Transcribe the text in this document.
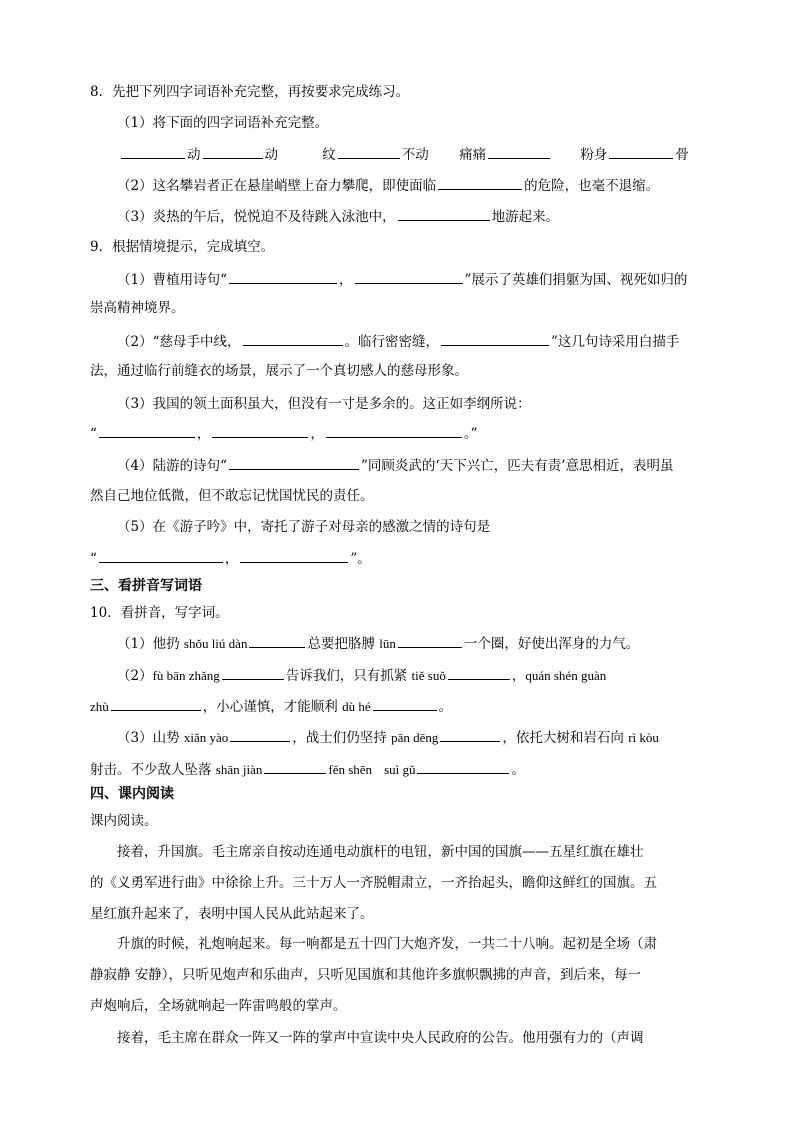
8．先把下列四字词语补充完整，再按要求完成练习。
（1）将下面的四字词语补充完整。
动	动	纹	不动 痛痛	粉身	骨
（2）这名攀岩者正在悬崖峭壁上奋力攀爬，即使面临	的危险，也毫不退缩。
（3）炎热的午后，悦悦迫不及待跳入泳池中，	地游起来。
9．根据情境提示，完成填空。
（1）曹植用诗句“	，	”展示了英雄们捐躯为国、视死如归的
崇高精神境界。
（2）“慈母手中线，	。临行密密缝，	”这几句诗采用白描手
法，通过临行前缝衣的场景，展示了一个真切感人的慈母形象。
（3）我国的领土面积虽大，但没有一寸是多余的。这正如李纲所说：
“	，	，	。”
（4）陆游的诗句“	”同顾炎武的‘天下兴亡，匹夫有责’意思相近，表明虽
然自己地位低微，但不敢忘记忧国忧民的责任。
（5）在《游子吟》中，寄托了游子对母亲的感激之情的诗句是
“	，	”。
三、看拼音写词语
10．看拼音，写字词。
（1）他扔 shǒu liú dàn	总要把胳膊 lūn	一个圈，好使出浑身的力气。
（2）fù bān zhǎng	告诉我们，只有抓紧 tiě suǒ	，quán shén guàn
zhù	，小心谨慎，才能顺利 dù hé	。
（3）山势 xiǎn yào	，战士们仍坚持 pān dēng	，依托大树和岩石向 rì kòu
射击。不少敌人坠落 shān jiàn	fěn shēn suì gǔ	。
四、课内阅读
课内阅读。
接着，升国旗。毛主席亲自按动连通电动旗杆的电钮，新中国的国旗——五星红旗在雄壮
的《义勇军进行曲》中徐徐上升。三十万人一齐脱帽肃立，一齐抬起头，瞻仰这鲜红的国旗。五
星红旗升起来了，表明中国人民从此站起来了。
升旗的时候，礼炮响起来。每一响都是五十四门大炮齐发，一共二十八响。起初是全场（肃
静寂静 安静），只听见炮声和乐曲声，只听见国旗和其他许多旗帜飘拂的声音，到后来，每一
声炮响后，全场就响起一阵雷鸣般的掌声。
接着，毛主席在群众一阵又一阵的掌声中宣读中央人民政府的公告。他用强有力的（声调
